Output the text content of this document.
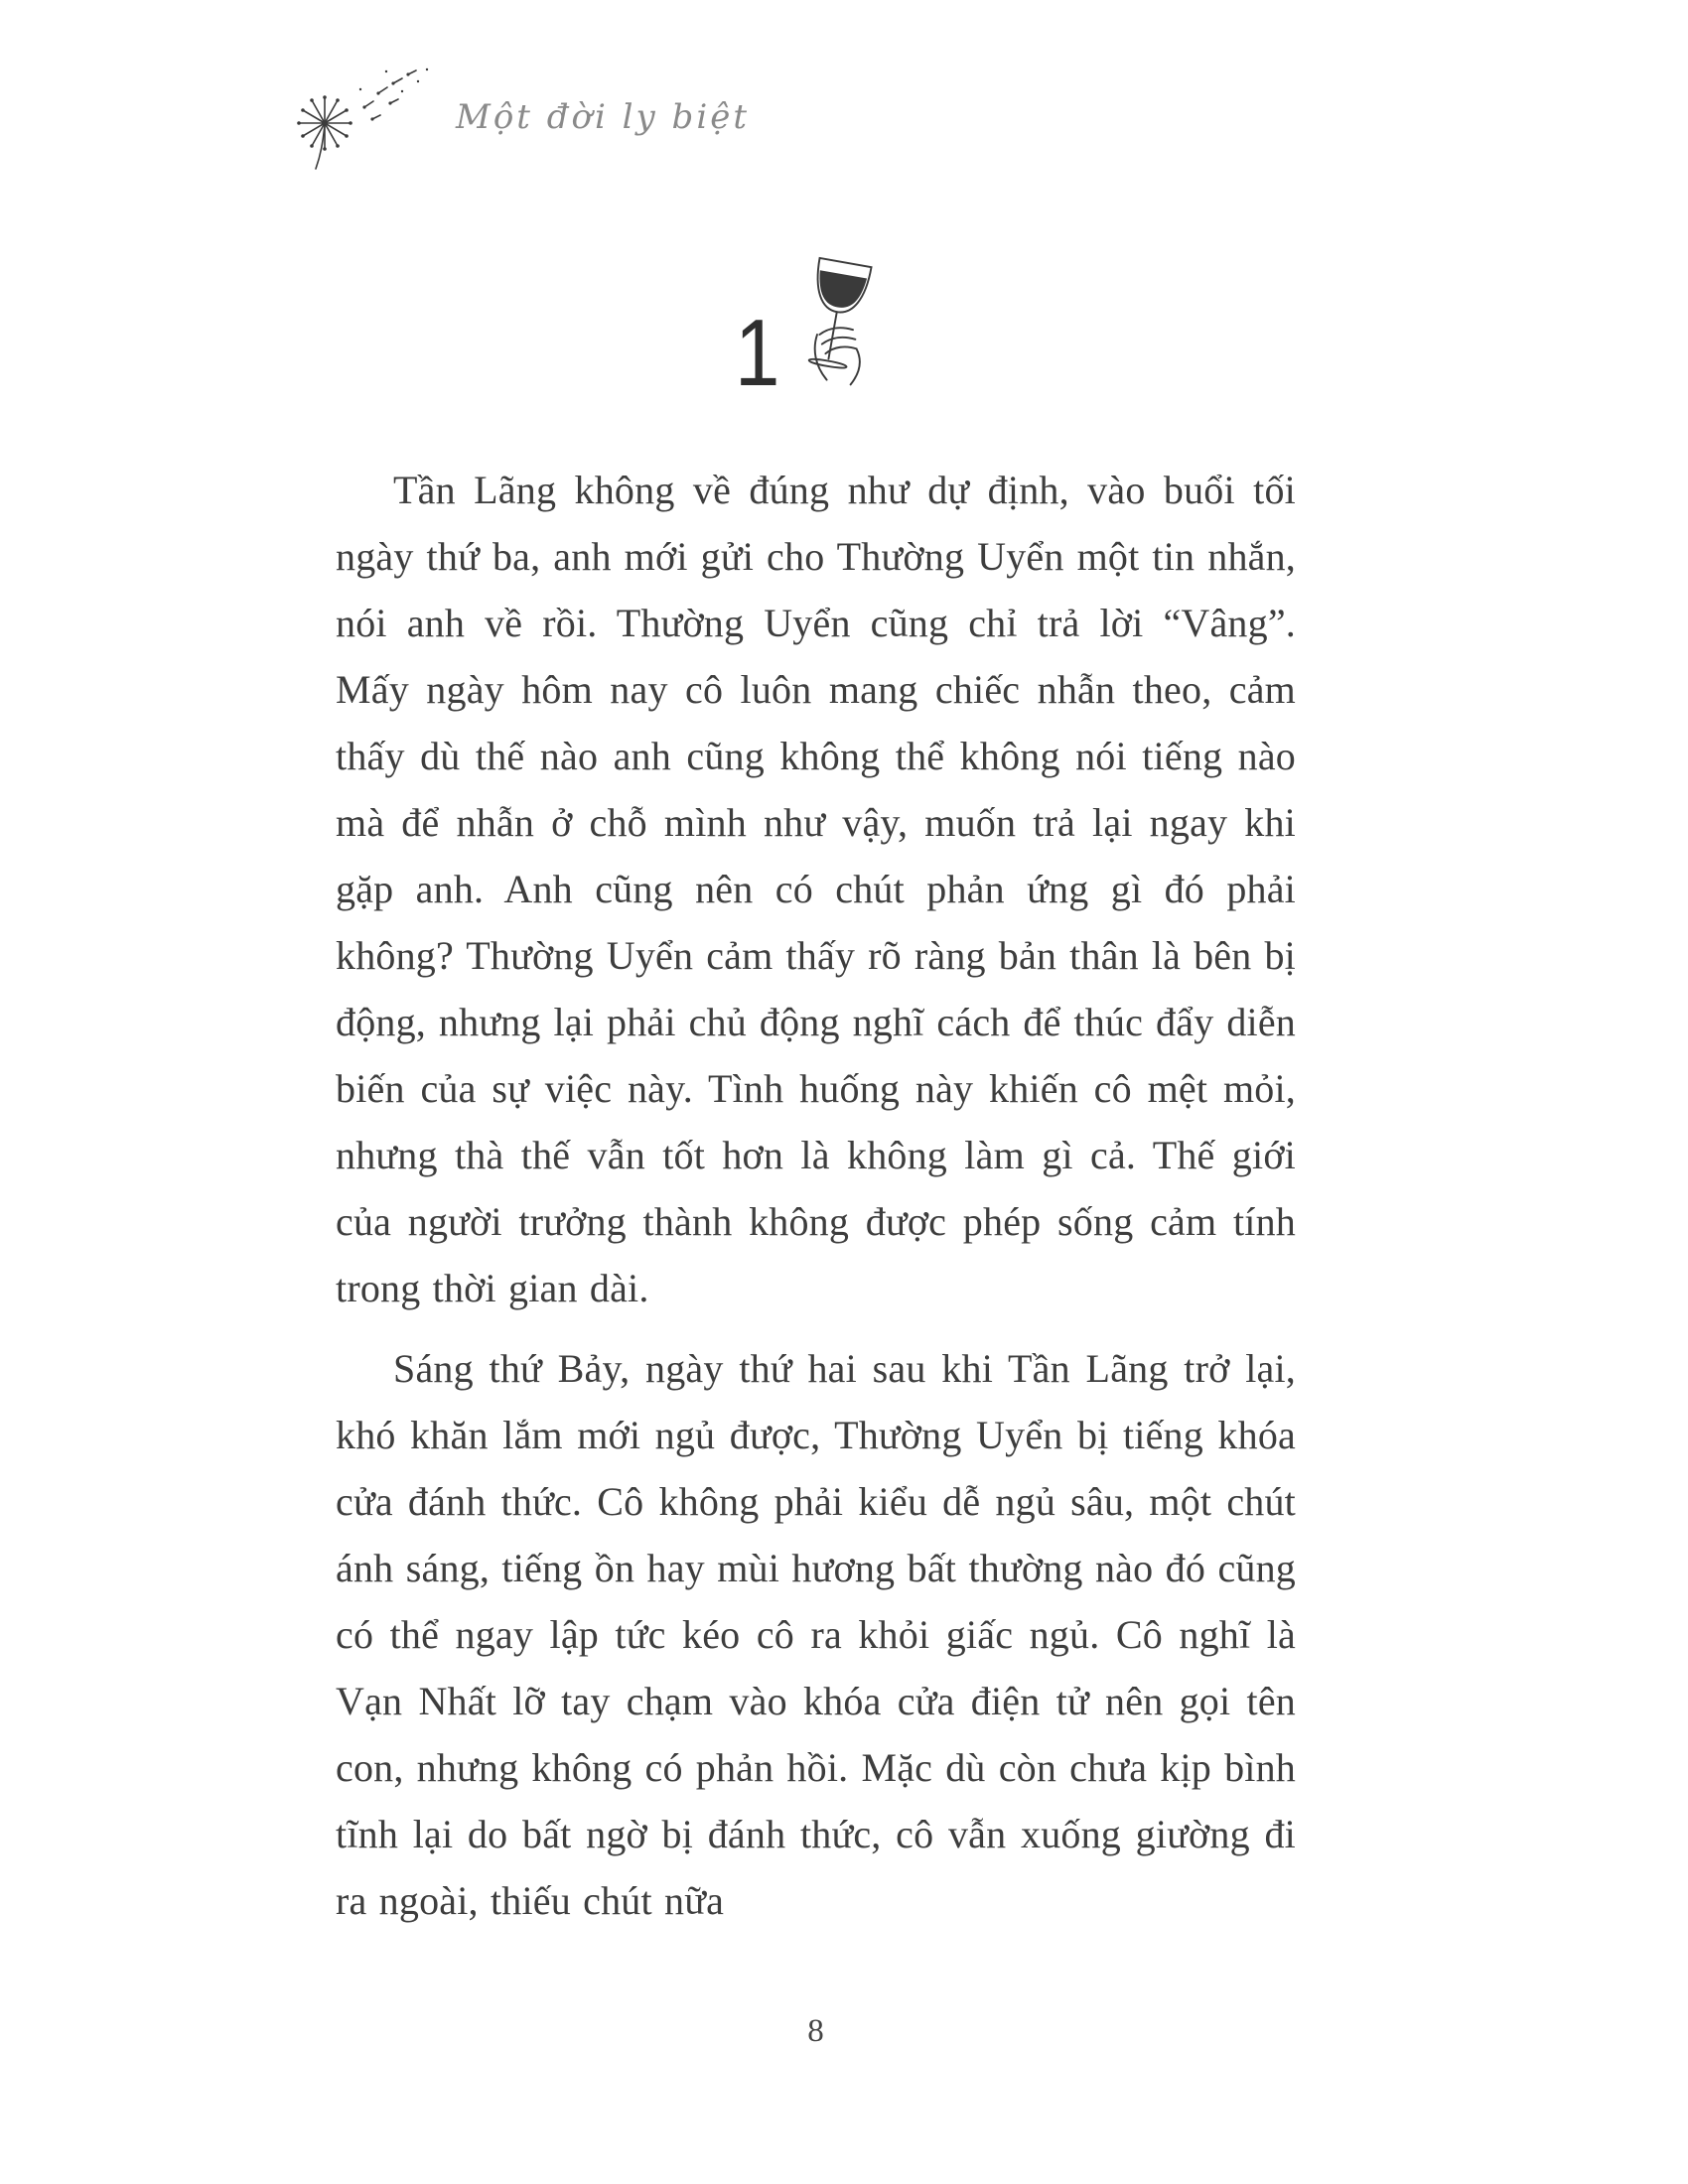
Một đời ly biệt
1

Tần Lãng không về đúng như dự định, vào buổi tối ngày thứ ba, anh mới gửi cho Thường Uyển một tin nhắn, nói anh về rồi. Thường Uyển cũng chỉ trả lời “Vâng”. Mấy ngày hôm nay cô luôn mang chiếc nhẫn theo, cảm thấy dù thế nào anh cũng không thể không nói tiếng nào mà để nhẫn ở chỗ mình như vậy, muốn trả lại ngay khi gặp anh. Anh cũng nên có chút phản ứng gì đó phải không? Thường Uyển cảm thấy rõ ràng bản thân là bên bị động, nhưng lại phải chủ động nghĩ cách để thúc đẩy diễn biến của sự việc này. Tình huống này khiến cô mệt mỏi, nhưng thà thế vẫn tốt hơn là không làm gì cả. Thế giới của người trưởng thành không được phép sống cảm tính trong thời gian dài.

Sáng thứ Bảy, ngày thứ hai sau khi Tần Lãng trở lại, khó khăn lắm mới ngủ được, Thường Uyển bị tiếng khóa cửa đánh thức. Cô không phải kiểu dễ ngủ sâu, một chút ánh sáng, tiếng ồn hay mùi hương bất thường nào đó cũng có thể ngay lập tức kéo cô ra khỏi giấc ngủ. Cô nghĩ là Vạn Nhất lỡ tay chạm vào khóa cửa điện tử nên gọi tên con, nhưng không có phản hồi. Mặc dù còn chưa kịp bình tĩnh lại do bất ngờ bị đánh thức, cô vẫn xuống giường đi ra ngoài, thiếu chút nữa

8
